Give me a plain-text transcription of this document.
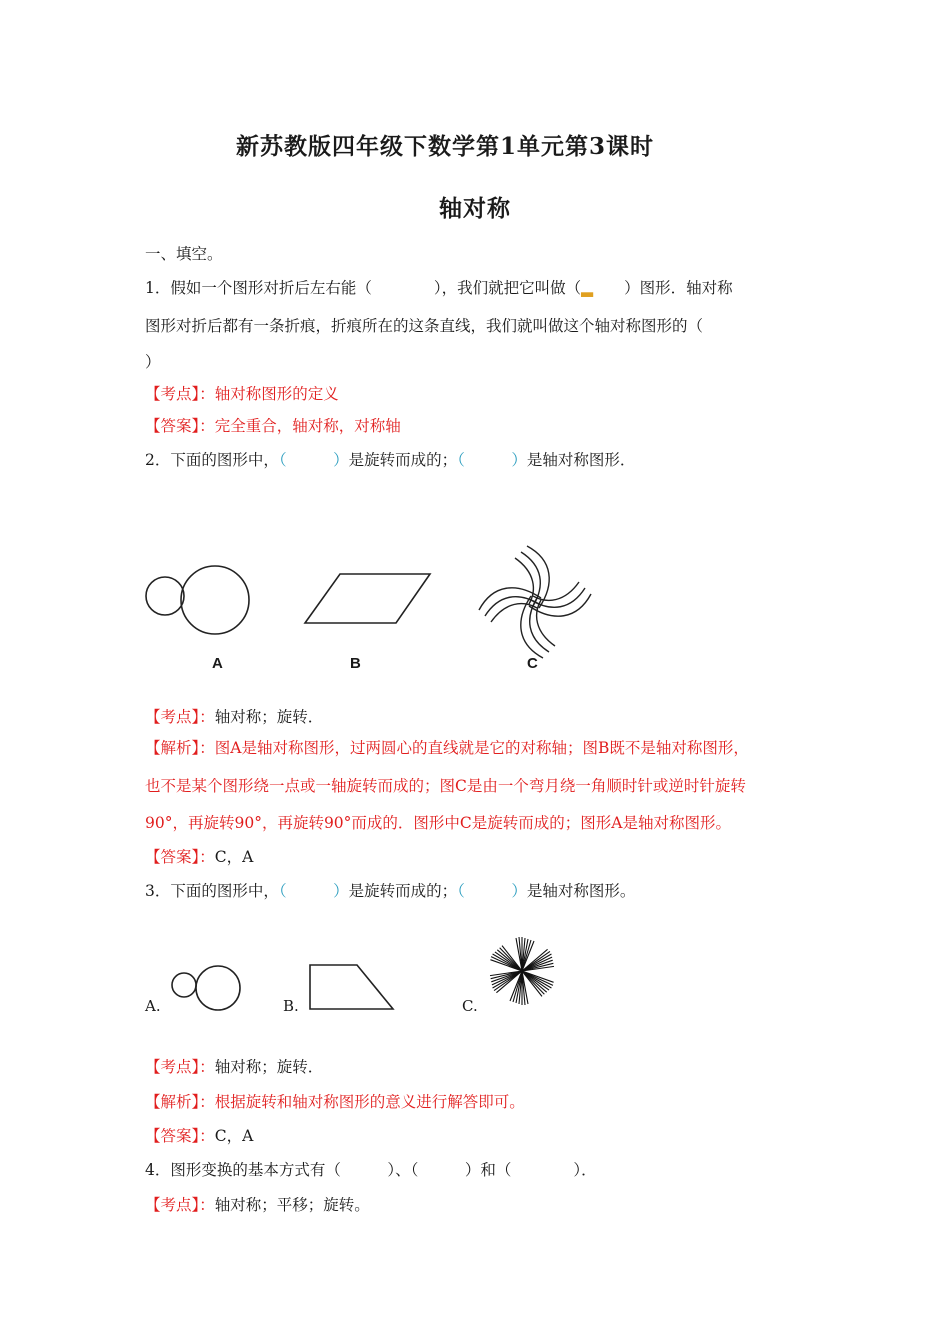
新苏教版四年级下数学第1单元第3课时
轴对称

一、填空。

1．假如一个图形对折后左右能（　　　　），我们就把它叫做（▂　　）图形．轴对称

图形对折后都有一条折痕，折痕所在的这条直线，我们就叫做这个轴对称图形的（

）

【考点】：轴对称图形的定义

【答案】：完全重合，轴对称，对称轴

2．下面的图形中，（　　　）是旋转而成的；（　　　）是轴对称图形．

A	B	C

【考点】：轴对称；旋转．

【解析】：图A是轴对称图形，过两圆心的直线就是它的对称轴；图B既不是轴对称图形，

也不是某个图形绕一点或一轴旋转而成的；图C是由一个弯月绕一角顺时针或逆时针旋转

90°，再旋转90°，再旋转90°而成的．图形中C是旋转而成的；图形A是轴对称图形。

【答案】：C，A

3．下面的图形中，（　　　）是旋转而成的；（　　　）是轴对称图形。

A.	B.	C.

【考点】：轴对称；旋转．

【解析】：根据旋转和轴对称图形的意义进行解答即可。

【答案】：C，A

4．图形变换的基本方式有（　　　）、（　　　）和（　　　　）．

【考点】：轴对称；平移；旋转。
